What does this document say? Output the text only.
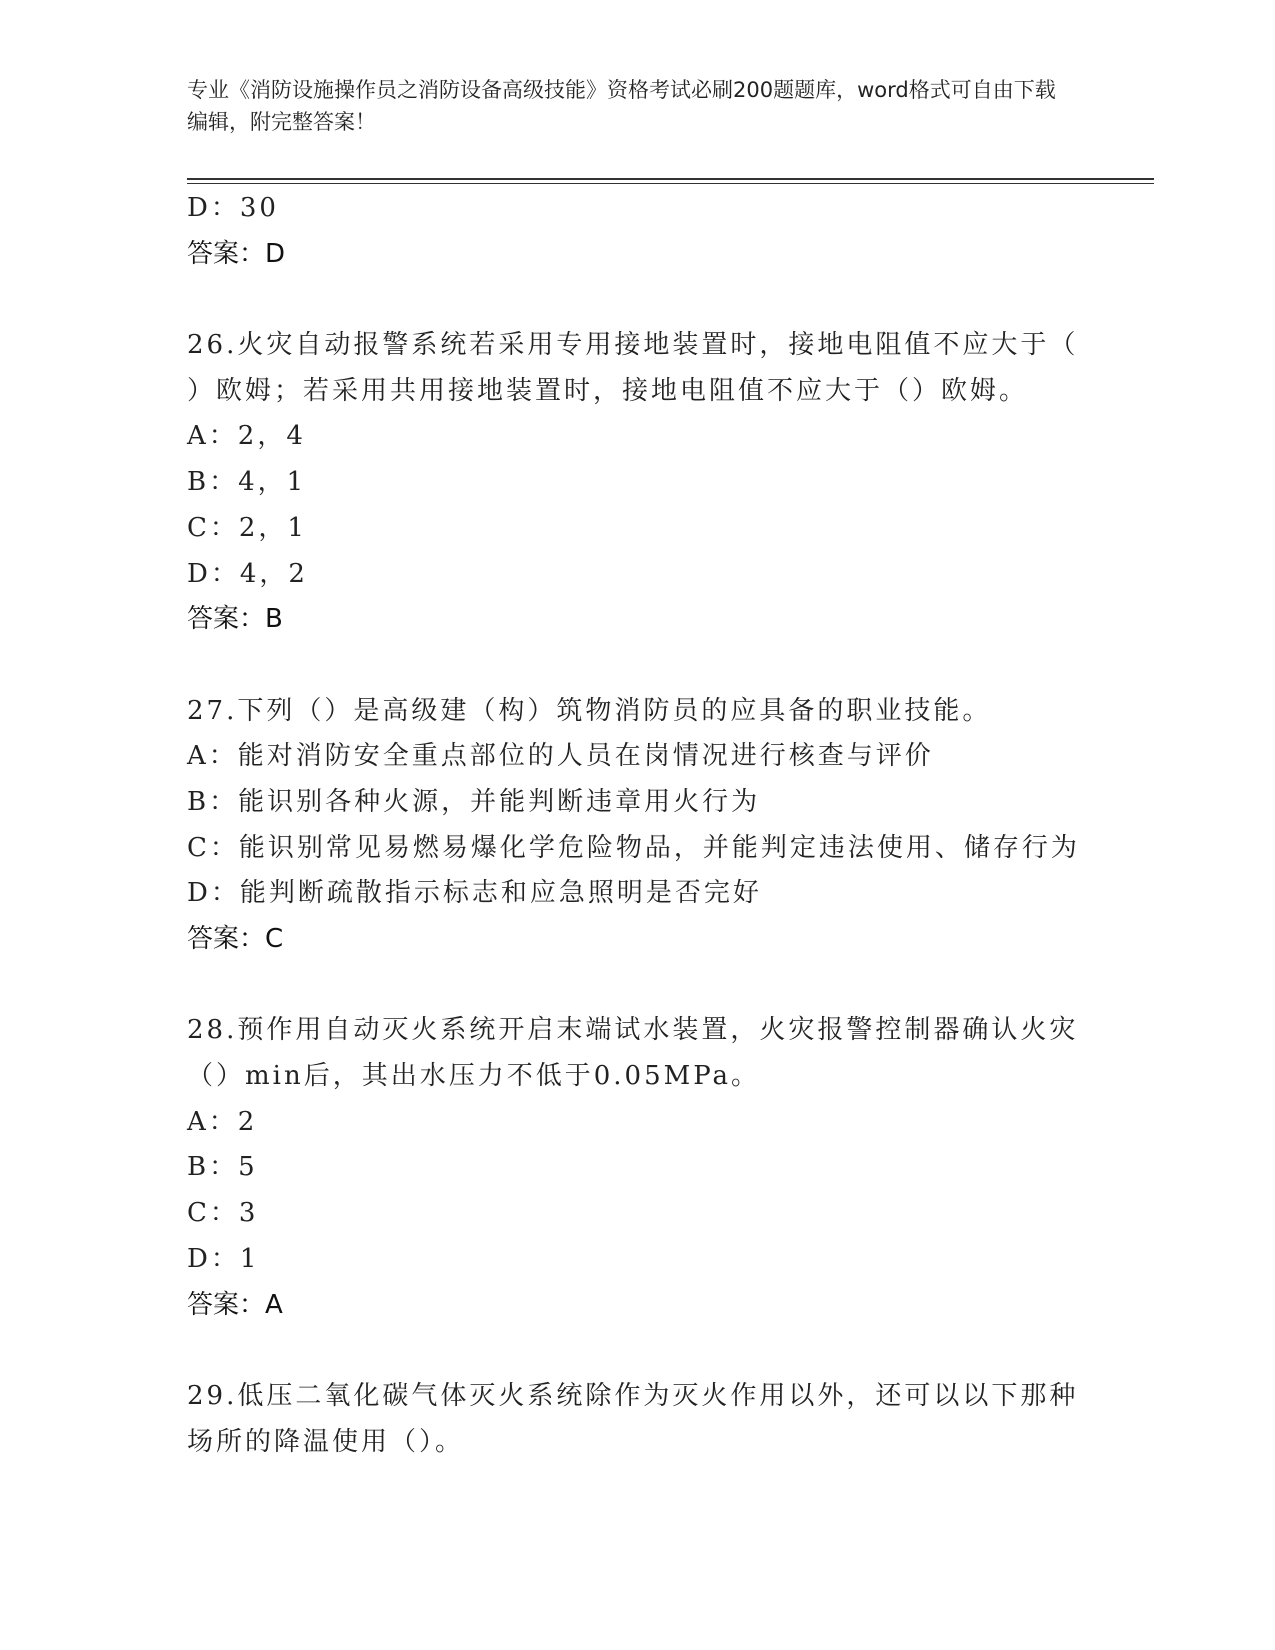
专业《消防设施操作员之消防设备高级技能》资格考试必刷200题题库，word格式可自由下载编辑，附完整答案！
D：30
答案：D
26.火灾自动报警系统若采用专用接地装置时，接地电阻值不应大于（
）欧姆；若采用共用接地装置时，接地电阻值不应大于（）欧姆。
A：2，4
B：4，1
C：2，1
D：4，2
答案：B
27.下列（）是高级建（构）筑物消防员的应具备的职业技能。
A：能对消防安全重点部位的人员在岗情况进行核查与评价
B：能识别各种火源，并能判断违章用火行为
C：能识别常见易燃易爆化学危险物品，并能判定违法使用、储存行为
D：能判断疏散指示标志和应急照明是否完好
答案：C
28.预作用自动灭火系统开启末端试水装置，火灾报警控制器确认火灾
（）min后，其出水压力不低于0.05MPa。
A：2
B：5
C：3
D：1
答案：A
29.低压二氧化碳气体灭火系统除作为灭火作用以外，还可以以下那种
场所的降温使用（）。
